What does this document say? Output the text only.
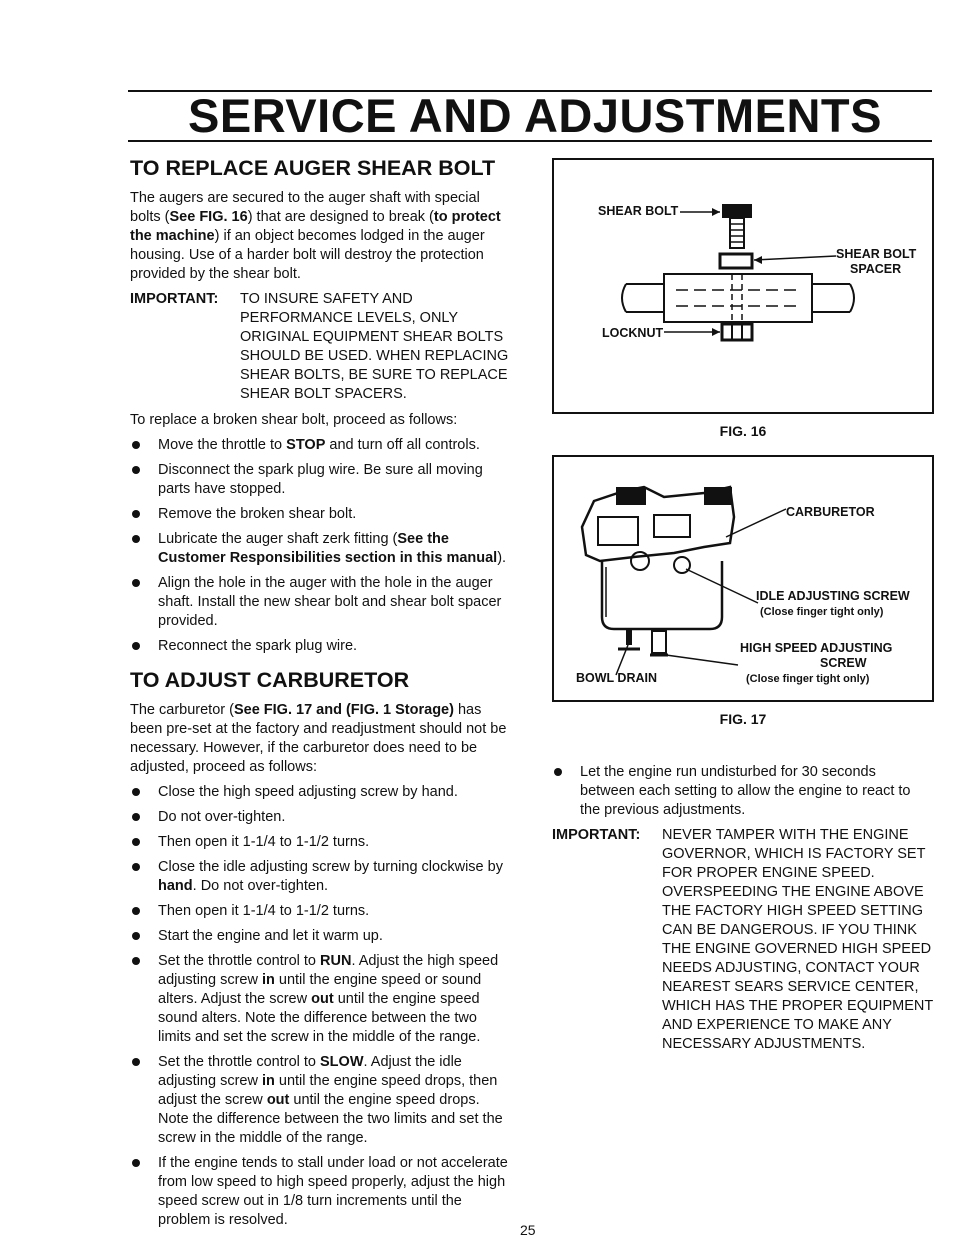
SERVICE AND ADJUSTMENTS
TO REPLACE AUGER SHEAR BOLT

The augers are secured to the auger shaft with special bolts (See FIG. 16) that are designed to break (to protect the machine) if an object becomes lodged in the auger housing. Use of a harder bolt will destroy the protection provided by the shear bolt.

IMPORTANT:	TO INSURE SAFETY AND PERFORMANCE LEVELS, ONLY ORIGINAL EQUIPMENT SHEAR BOLTS SHOULD BE USED. WHEN REPLACING SHEAR BOLTS, BE SURE TO REPLACE SHEAR BOLT SPACERS.

To replace a broken shear bolt, proceed as follows:

Move the throttle to STOP and turn off all controls.
Disconnect the spark plug wire. Be sure all moving parts have stopped.
Remove the broken shear bolt.
Lubricate the auger shaft zerk fitting (See the Customer Responsibilities section in this manual).
Align the hole in the auger with the hole in the auger shaft. Install the new shear bolt and shear bolt spacer provided.
Reconnect the spark plug wire.
TO ADJUST CARBURETOR

The carburetor (See FIG. 17 and (FIG. 1 Storage) has been pre-set at the factory and readjustment should not be necessary. However, if the carburetor does need to be adjusted, proceed as follows:

Close the high speed adjusting screw by hand.
Do not over-tighten.
Then open it 1-1/4 to 1-1/2 turns.
Close the idle adjusting screw by turning clockwise by hand. Do not over-tighten.
Then open it 1-1/4 to 1-1/2 turns.
Start the engine and let it warm up.
Set the throttle control to RUN. Adjust the high speed adjusting screw in until the engine speed or sound alters. Adjust the screw out until the engine speed sound alters. Note the difference between the two limits and set the screw in the middle of the range.
Set the throttle control to SLOW. Adjust the idle adjusting screw in until the engine speed drops, then adjust the screw out until the engine speed drops. Note the difference between the two limits and set the screw in the middle of the range.
If the engine tends to stall under load or not accelerate from low speed to high speed properly, adjust the high speed screw out in 1/8 turn increments until the problem is resolved.
SHEAR BOLT
SHEAR BOLT
SPACER
LOCKNUT
FIG. 16
CARBURETOR
IDLE ADJUSTING SCREW
(Close finger tight only)
HIGH SPEED ADJUSTING
SCREW
(Close finger tight only)
BOWL DRAIN
FIG. 17
Let the engine run undisturbed for 30 seconds between each setting to allow the engine to react to the previous adjustments.
IMPORTANT:	NEVER TAMPER WITH THE ENGINE GOVERNOR, WHICH IS FACTORY SET FOR PROPER ENGINE SPEED. OVERSPEEDING THE ENGINE ABOVE THE FACTORY HIGH SPEED SETTING CAN BE DANGEROUS. IF YOU THINK THE ENGINE GOVERNED HIGH SPEED NEEDS ADJUSTING, CONTACT YOUR NEAREST SEARS SERVICE CENTER, WHICH HAS THE PROPER EQUIPMENT AND EXPERIENCE TO MAKE ANY NECESSARY ADJUSTMENTS.
25
